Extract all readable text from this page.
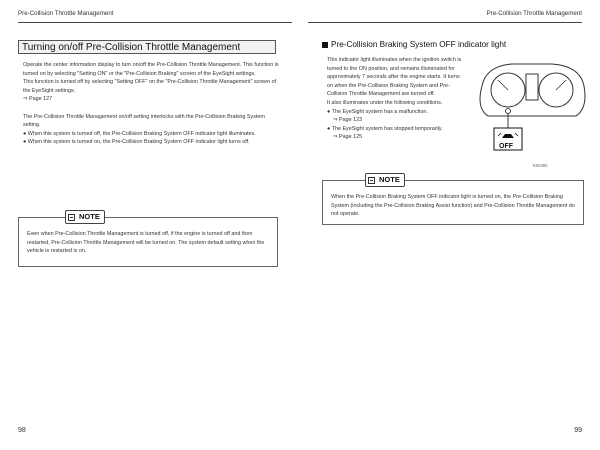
Pre-Collision Throttle Management
Turning on/off Pre-Collision Throttle Management

Operate the center information display to turn on/off the Pre-Collision Throttle Management. This function is turned on by selecting "Setting ON" or the "Pre-Collision Braking" screen of the EyeSight settings.

This function is turned off by selecting "Setting OFF" on the "Pre-Collision Throttle Management" screen of the EyeSight settings.

⇒ Page 127

The Pre-Collision Throttle Management on/off setting interlocks with the Pre-Collision Braking System setting.

● When this system is turned off, the Pre-Collision Braking System OFF indicator light illuminates.
● When this system is turned on, the Pre-Collision Braking System OFF indicator light turns off.
NOTE

Even when Pre-Collision Throttle Management is turned off, if the engine is turned off and then restarted, Pre-Collision Throttle Management will be turned on. The system default setting when the vehicle is restarted is on.

98
Pre-Collision Throttle Management
Pre-Collision Braking System OFF indicator light

This indicator light illuminates when the ignition switch is turned to the ON position, and remains illuminated for approximately 7 seconds after the engine starts. It turns on when the Pre-Collision Braking System and Pre-Collision Throttle Management are turned off.

It also illuminates under the following conditions.

● The EyeSight system has a malfunction.
⇒ Page 123
● The EyeSight system has stopped temporarily.
⇒ Page 125
OFF
E00480
NOTE

When the Pre-Collision Braking System OFF indicator light is turned on, the Pre-Collision Braking System (including the Pre-Collision Braking Assist function) and Pre-Collision Throttle Management do not operate.

99
